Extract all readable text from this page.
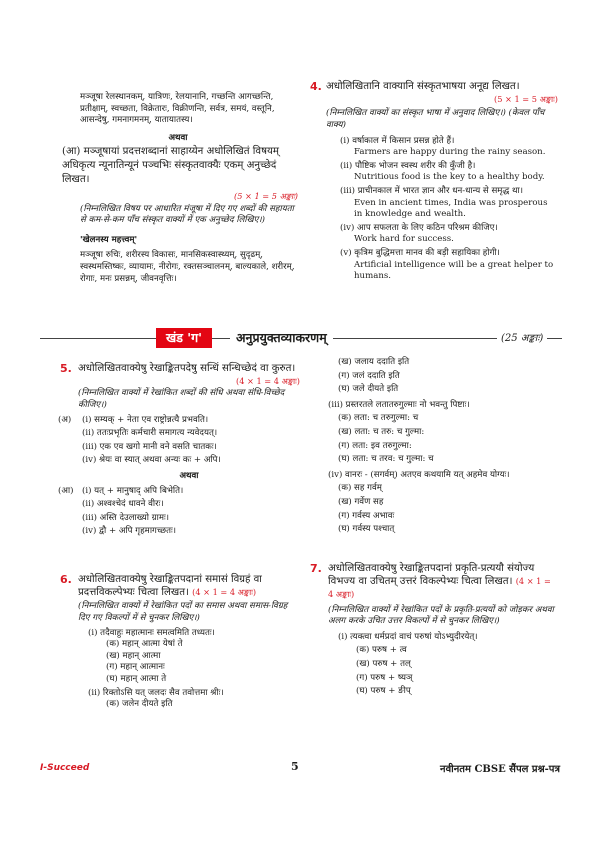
मञ्जूषा रेलस्थानकम्‌, यात्रिणः, रेलयानानि, गच्छन्ति आगच्छन्ति, प्रतीक्षाम्‌, स्वच्छता, विक्रेतारः, विक्रीणन्ति, सर्वत्र, समयं, वस्तूनि, आसन्देषु, गमनागमनम्‌, यातायातस्य।
अथवा
(आ) मञ्जूषायां प्रदत्तशब्दानां साहाय्येन अधोलिखितं विषयम्‌ अधिकृत्य न्यूनातिन्यूनं पञ्चभिः संस्कृतवाक्यैः एकम्‌ अनुच्छेदं लिखत।
(5 × 1 = 5 अङ्काः)
(निम्नलिखित विषय पर आधारित मंजूषा में दिए गए शब्दों की सहायता से कम-से-कम पाँच संस्कृत वाक्यों में एक अनुच्छेद लिखिए।)
'खेलनस्य महत्त्वम्‌'
मञ्जूषा रुचिः, शरीरस्य विकासः, मानसिकस्वास्थ्यम्‌, सुदृढम्‌, स्वस्थमस्तिष्कः, व्यायामः, नीरोगः, रक्तसञ्चालनम्‌, बाल्यकाले, शरीरम्‌, रोगाः, मनः प्रसन्नम्‌, जीवनवृत्तिः।
4. अधोलिखितानि वाक्यानि संस्कृतभाषया अनूद्य लिखत।
(5 × 1 = 5 अङ्काः)
(निम्नलिखित वाक्यों का संस्कृत भाषा में अनुवाद लिखिए।) (केवल पाँच वाक्य)
(i) वर्षाकाल में किसान प्रसन्न होते हैं।
Farmers are happy during the rainy season.
(ii) पौष्टिक भोजन स्वस्थ शरीर की कुँजी है।
Nutritious food is the key to a healthy body.
(iii) प्राचीनकाल में भारत ज्ञान और धन-धान्य से समृद्ध था।
Even in ancient times, India was prosperous in knowledge and wealth.
(iv) आप सफलता के लिए कठिन परिश्रम कीजिए।
Work hard for success.
(v) कृत्रिम बुद्धिमत्ता मानव की बड़ी सहायिका होगी।
Artificial intelligence will be a great helper to humans.
खंड 'ग'	अनुप्रयुक्तव्याकरणम्‌	(25 अङ्काः)
5. अधोलिखितवाक्येषु रेखाङ्कितपदेषु सन्धिं सन्धिच्छेदं वा कुरुत।
(4 × 1 = 4 अङ्काः)
(निम्नलिखित वाक्यों में रेखांकित शब्दों की संधि अथवा संधि-विच्छेद कीजिए।)
(अ) (i) सम्यक्‌ + नेता एव राष्ट्रोन्नत्यै प्रभवति।
(ii) ततःप्रभृतिः कर्मचारी समागत्य न्यवेदयत्‌।
(iii) एक एव खगो मानी वने वसति चातकः।
(iv) श्रेयः वा स्यात्‌ अथवा अन्यः कः + अपि।
अथवा
(आ) (i) यत्‌ + मानुषाद्‌ अपि बिभेति।
(ii) अश्वश्चेदं धावने वीरः।
(iii) अस्ति देउलाख्यो ग्रामः।
(iv) द्वौ + अपि गृहमागच्छतः।
6. अधोलिखितवाक्येषु रेखाङ्कितपदानां समासं विग्रहं वा प्रदत्तविकल्पेभ्यः चित्वा लिखत। (4 × 1 = 4 अङ्काः)
(निम्नलिखित वाक्यों में रेखांकित पदों का समास अथवा समास-विग्रह दिए गए विकल्पों में से चुनकर लिखिए।)
(i) तदैवाहुः महात्मानः समत्वमिति तध्यतः।
(क) महान्‌ आत्मा येषां ते
(ख) महान्‌ आत्मा
(ग) महान्‌ आत्मानः
(घ) महान्‌ आत्मा ते
(ii) रिक्तोऽसि यत्‌ जलदः सैव तवोत्तमा श्रीः।
(क) जलेन दीयते इति
(ख) जलाय ददाति इति
(ग) जलं ददाति इति
(घ) जले दीयते इति
(iii) प्रस्तरतले लतातरुगुल्माः नो भवन्तु पिष्टाः।
(क) लता: च तरुगुल्मा: च
(ख) लता: च तरु: च गुल्मा:
(ग) लता: इव तरुगुल्मा:
(घ) लता: च तरव: च गुल्मा: च
(iv) वानरः - (सगर्वम्‌) अतएव कथयामि यत्‌ अहमेव योग्यः।
(क) सह गर्वम्‌
(ख) गर्वेण सह
(ग) गर्वस्य अभावः
(घ) गर्वस्य पश्चात्‌
7. अधोलिखितवाक्येषु रेखाङ्कितपदानां प्रकृति-प्रत्ययौ संयोज्य विभज्य वा उचितम्‌ उत्तरं विकल्पेभ्यः चित्वा लिखत। (4 × 1 = 4 अङ्काः)
(निम्नलिखित वाक्यों में रेखांकित पदों के प्रकृति-प्रत्ययों को जोड़कर अथवा अलग करके उचित उत्तर विकल्पों में से चुनकर लिखिए।)
(i) त्यक्त्वा धर्मप्रदां वाचं परुषां योऽभ्युदीरयेत्‌।
(क) परुष + त्व
(ख) परुष + तल्‌
(ग) परुष + ष्यञ्‌
(घ) परुष + ङीप्‌
I-Succeed	5	नवीनतम CBSE सैंपल प्रश्न-पत्र
